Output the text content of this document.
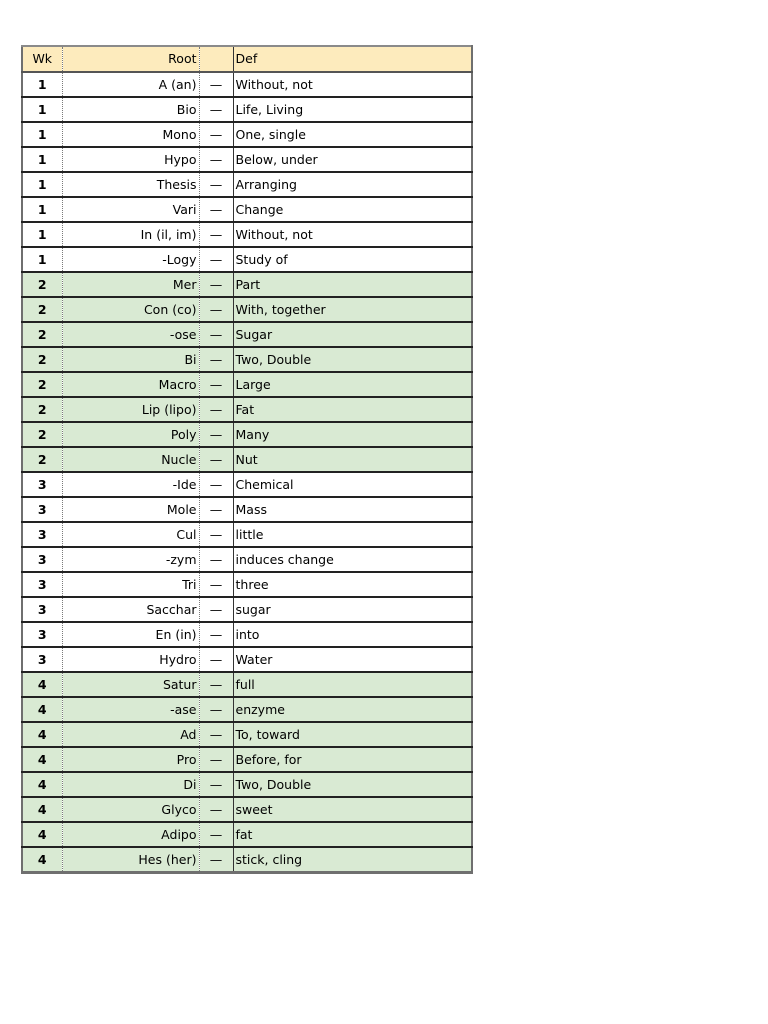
Wk	Root		Def
1	A (an)	—	Without, not
1	Bio	—	Life, Living
1	Mono	—	One, single
1	Hypo	—	Below, under
1	Thesis	—	Arranging
1	Vari	—	Change
1	In (il, im)	—	Without, not
1	-Logy	—	Study of
2	Mer	—	Part
2	Con (co)	—	With, together
2	-ose	—	Sugar
2	Bi	—	Two, Double
2	Macro	—	Large
2	Lip (lipo)	—	Fat
2	Poly	—	Many
2	Nucle	—	Nut
3	-Ide	—	Chemical
3	Mole	—	Mass
3	Cul	—	little
3	-zym	—	induces change
3	Tri	—	three
3	Sacchar	—	sugar
3	En (in)	—	into
3	Hydro	—	Water
4	Satur	—	full
4	-ase	—	enzyme
4	Ad	—	To, toward
4	Pro	—	Before, for
4	Di	—	Two, Double
4	Glyco	—	sweet
4	Adipo	—	fat
4	Hes (her)	—	stick, cling
